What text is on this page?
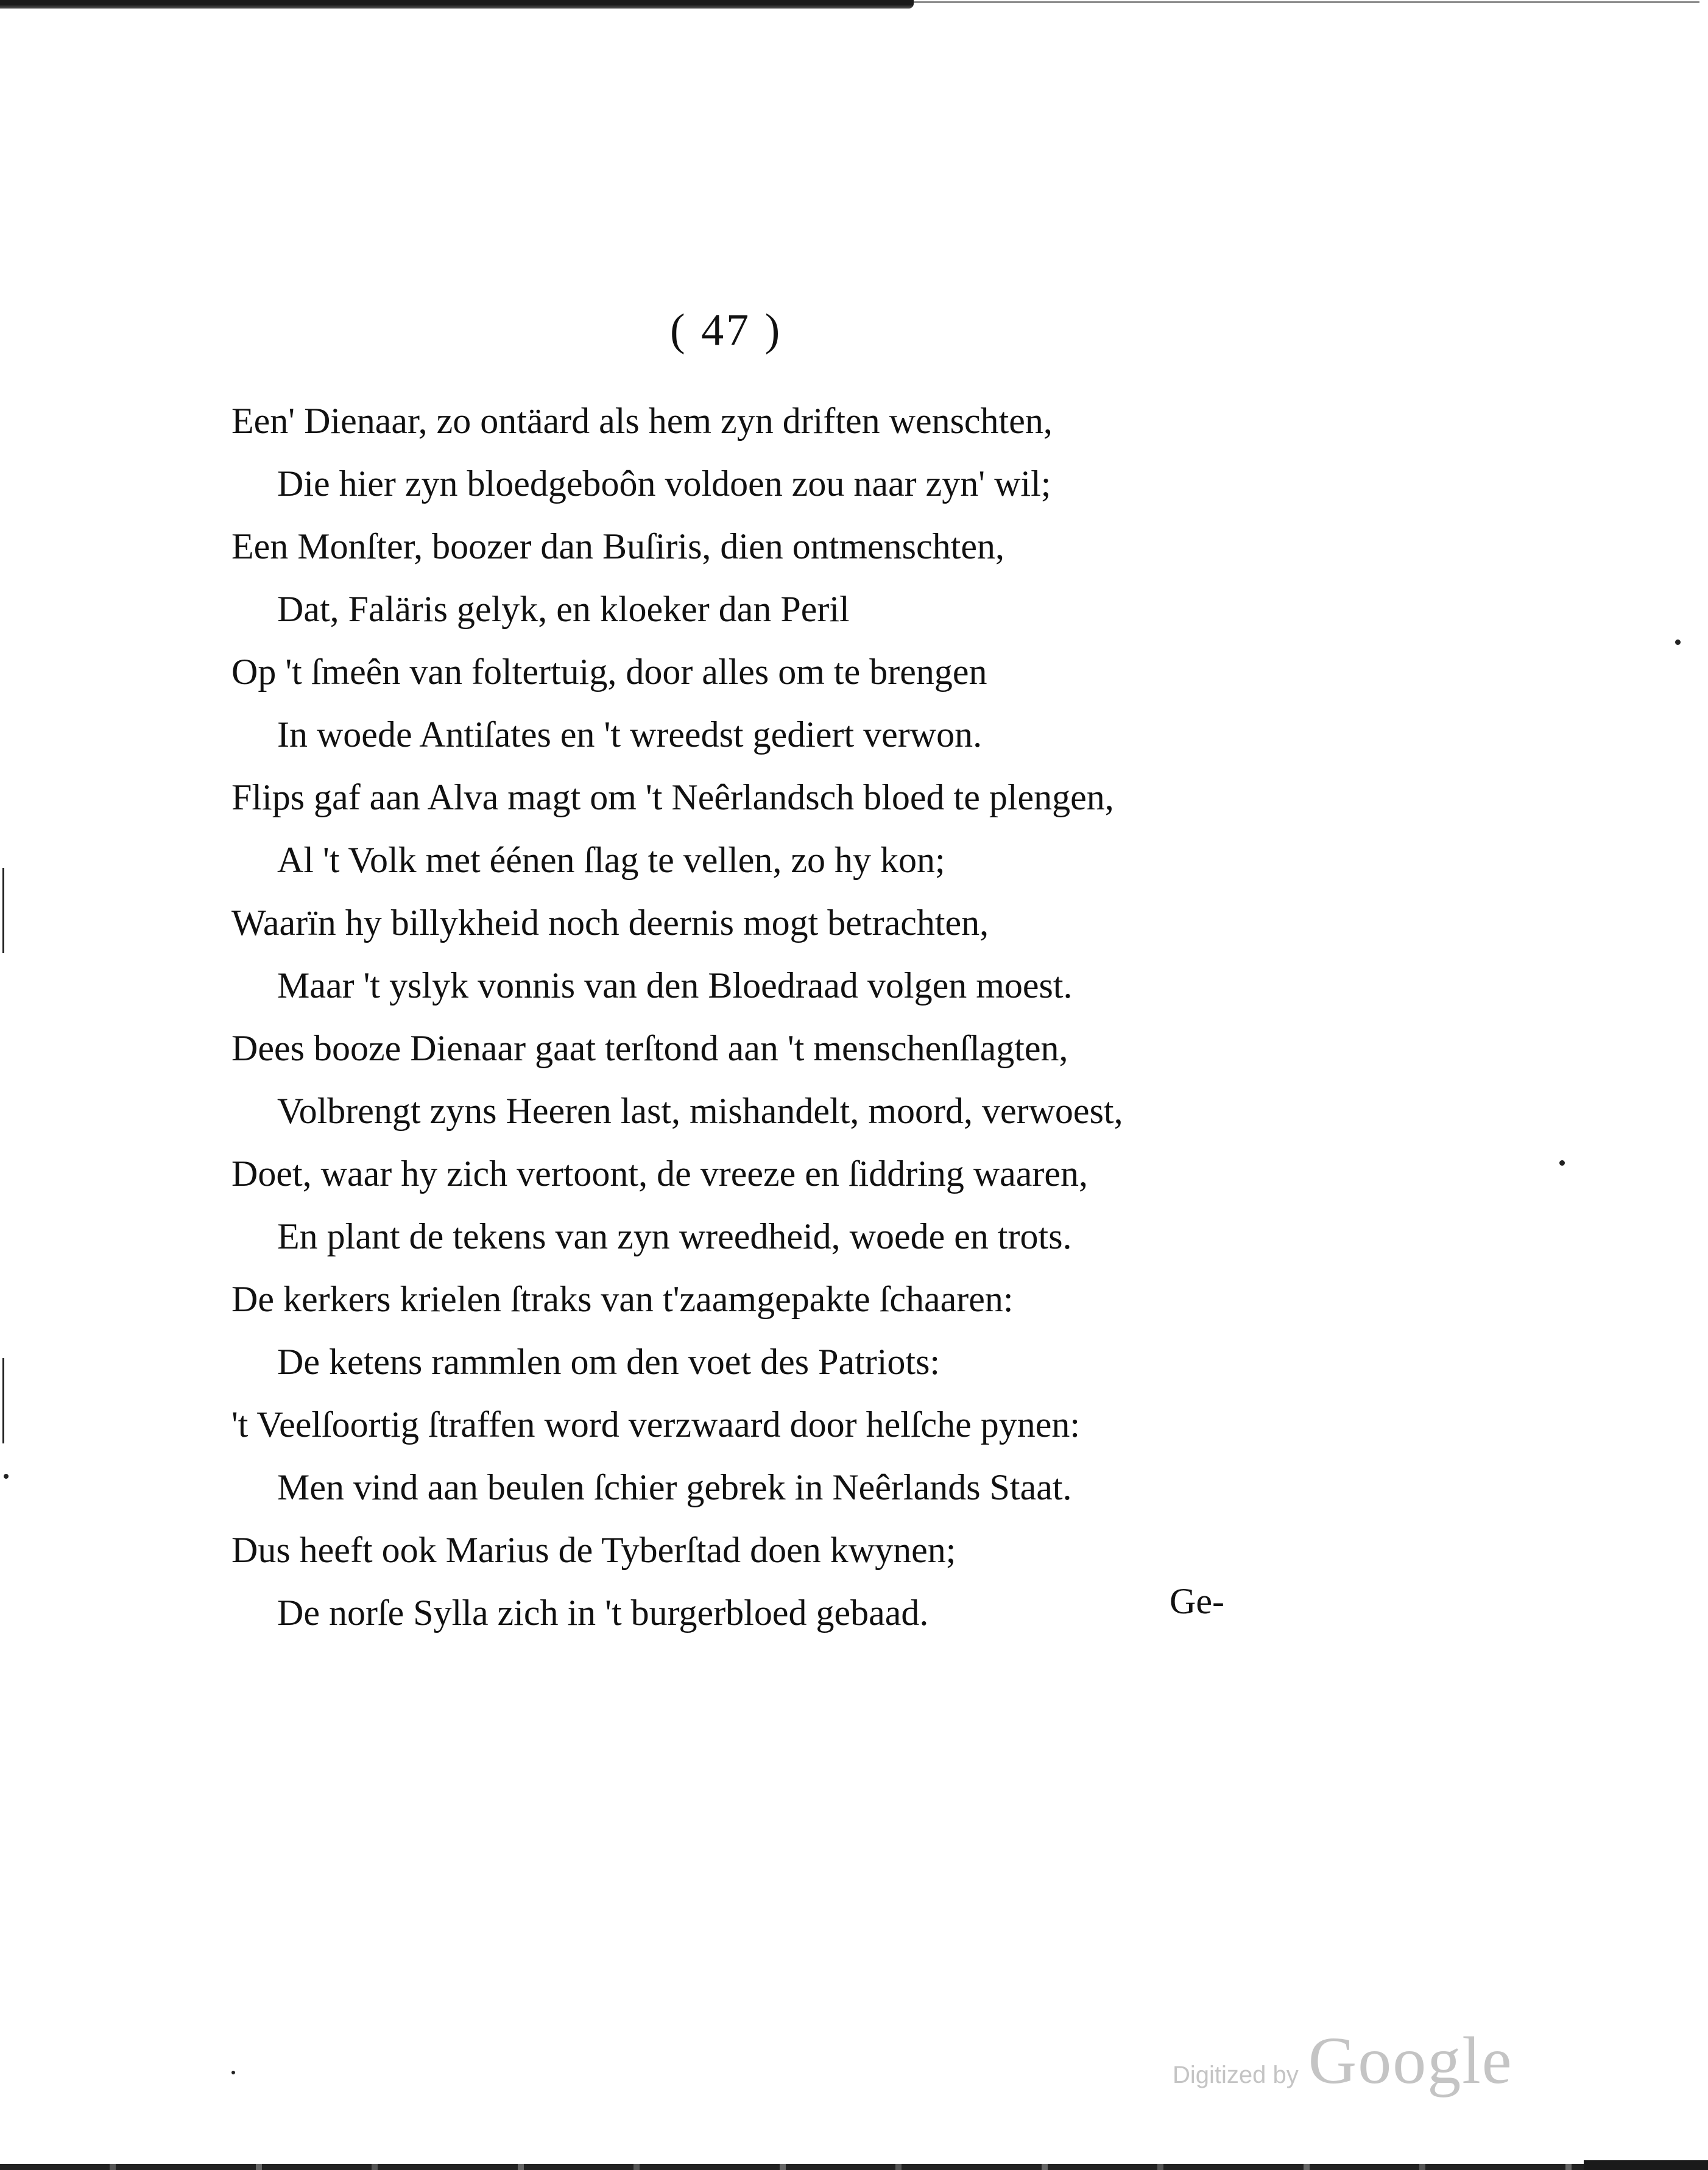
( 47 )

Een' Dienaar, zo ontäard als hem zyn driften wenschten,
Die hier zyn bloedgeboôn voldoen zou naar zyn' wil;
Een Monſter, boozer dan Buſiris, dien ontmenschten,
Dat, Faläris gelyk, en kloeker dan Peril
Op 't ſmeên van foltertuig, door alles om te brengen
In woede Antiſates en 't wreedst gediert verwon.
Flips gaf aan Alva magt om 't Neêrlandsch bloed te plengen,
Al 't Volk met éénen ſlag te vellen, zo hy kon;
Waarïn hy billykheid noch deernis mogt betrachten,
Maar 't yslyk vonnis van den Bloedraad volgen moest.
Dees booze Dienaar gaat terſtond aan 't menschenſlagten,
Volbrengt zyns Heeren last, mishandelt, moord, verwoest,
Doet, waar hy zich vertoont, de vreeze en ſiddring waaren,
En plant de tekens van zyn wreedheid, woede en trots.
De kerkers krielen ſtraks van t'zaamgepakte ſchaaren:
De ketens rammlen om den voet des Patriots:
't Veelſoortig ſtraffen word verzwaard door helſche pynen:
Men vind aan beulen ſchier gebrek in Neêrlands Staat.
Dus heeft ook Marius de Tyberſtad doen kwynen;
De norſe Sylla zich in 't burgerbloed gebaad.	Ge-

Digitized by Google
